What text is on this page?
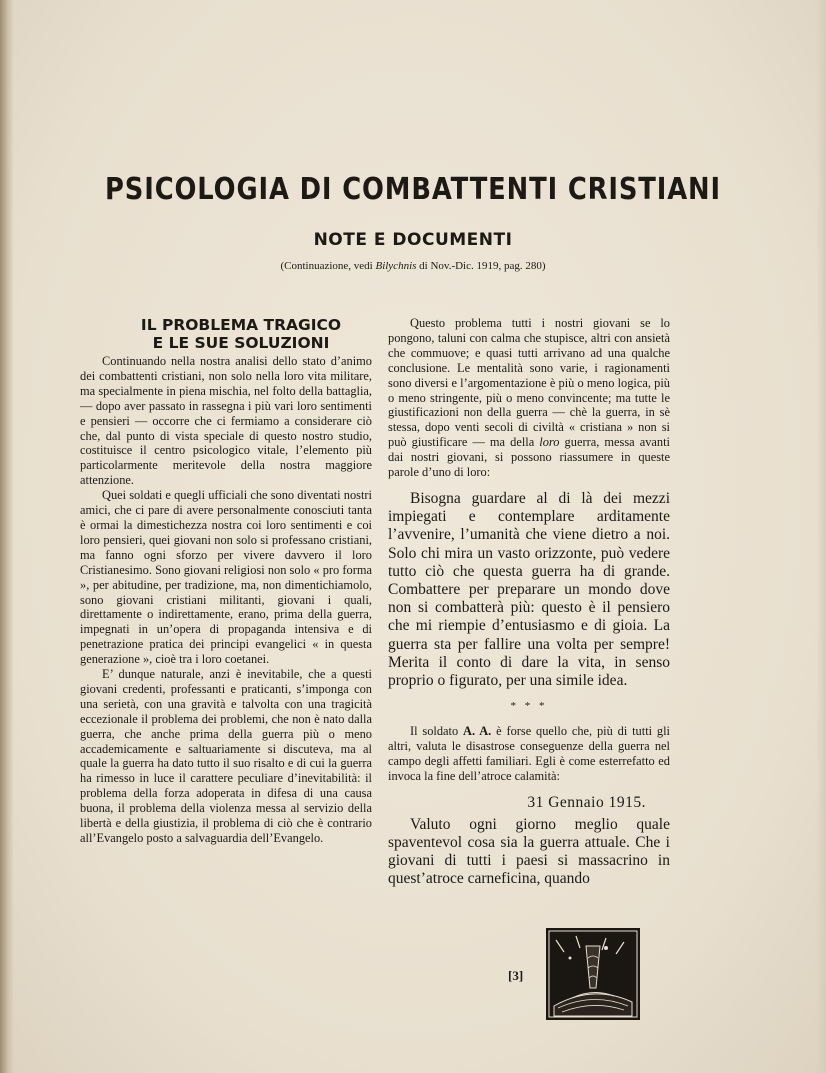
PSICOLOGIA DI COMBATTENTI CRISTIANI
NOTE E DOCUMENTI

(Continuazione, vedi Bilychnis di Nov.-Dic. 1919, pag. 280)

IL PROBLEMA TRAGICO
E LE SUE SOLUZIONI

Continuando nella nostra analisi dello stato d’animo dei combattenti cristiani, non solo nella loro vita militare, ma specialmente in piena mischia, nel folto della battaglia, — dopo aver passato in rassegna i più vari loro sentimenti e pensieri — occorre che ci fermiamo a considerare ciò che, dal punto di vista speciale di questo nostro studio, costituisce il centro psicologico vitale, l’elemento più particolarmente meritevole della nostra maggiore attenzione.

Quei soldati e quegli ufficiali che sono diventati nostri amici, che ci pare di avere personalmente conosciuti tanta è ormai la dimestichezza nostra coi loro sentimenti e coi loro pensieri, quei giovani non solo si professano cristiani, ma fanno ogni sforzo per vivere davvero il loro Cristianesimo. Sono giovani religiosi non solo « pro forma », per abitudine, per tradizione, ma, non dimentichiamolo, sono giovani cristiani militanti, giovani i quali, direttamente o indirettamente, erano, prima della guerra, impegnati in un’opera di propaganda intensiva e di penetrazione pratica dei principi evangelici « in questa generazione », cioè tra i loro coetanei.

E’ dunque naturale, anzi è inevitabile, che a questi giovani credenti, professanti e praticanti, s’imponga con una serietà, con una gravità e talvolta con una tragicità eccezionale il problema dei problemi, che non è nato dalla guerra, che anche prima della guerra più o meno accademicamente e saltuariamente si discuteva, ma al quale la guerra ha dato tutto il suo risalto e di cui la guerra ha rimesso in luce il carattere peculiare d’inevitabilità: il problema della forza adoperata in difesa di una causa buona, il problema della violenza messa al servizio della libertà e della giustizia, il problema di ciò che è contrario all’Evangelo posto a salvaguardia dell’Evangelo.

Questo problema tutti i nostri giovani se lo pongono, taluni con calma che stupisce, altri con ansietà che commuove; e quasi tutti arrivano ad una qualche conclusione. Le mentalità sono varie, i ragionamenti sono diversi e l’argomentazione è più o meno logica, più o meno stringente, più o meno convincente; ma tutte le giustificazioni non della guerra — chè la guerra, in sè stessa, dopo venti secoli di civiltà « cristiana » non si può giustificare — ma della loro guerra, messa avanti dai nostri giovani, si possono riassumere in queste parole d’uno di loro:

Bisogna guardare al di là dei mezzi impiegati e contemplare arditamente l’avvenire, l’umanità che viene dietro a noi. Solo chi mira un vasto orizzonte, può vedere tutto ciò che questa guerra ha di grande. Combattere per preparare un mondo dove non si combatterà più: questo è il pensiero che mi riempie d’entusiasmo e di gioia. La guerra sta per fallire una volta per sempre! Merita il conto di dare la vita, in senso proprio o figurato, per una simile idea.

* * *

Il soldato A. A. è forse quello che, più di tutti gli altri, valuta le disastrose conseguenze della guerra nel campo degli affetti familiari. Egli è come esterrefatto ed invoca la fine dell’atroce calamità:

31 Gennaio 1915.

Valuto ogni giorno meglio quale spaventevol cosa sia la guerra attuale. Che i giovani di tutti i paesi si massacrino in quest’atroce carneficina, quando

[3]
